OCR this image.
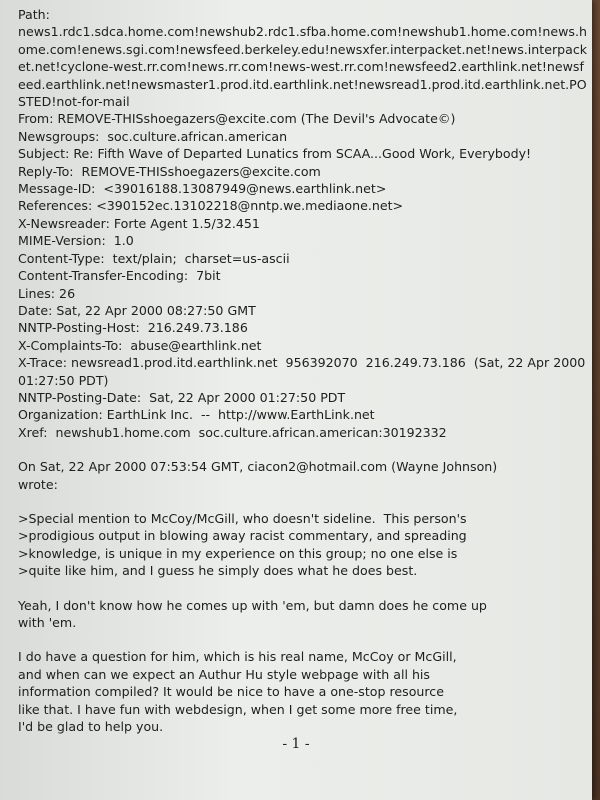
Path:
news1.rdc1.sdca.home.com!newshub2.rdc1.sfba.home.com!newshub1.home.com!news.home.com!enews.sgi.com!newsfeed.berkeley.edu!newsxfer.interpacket.net!news.interpacket.net!cyclone-west.rr.com!news.rr.com!news-west.rr.com!newsfeed2.earthlink.net!newsfeed.earthlink.net!newsmaster1.prod.itd.earthlink.net!newsread1.prod.itd.earthlink.net.POSTED!not-for-mail
From: REMOVE-THISshoegazers@excite.com (The Devil's Advocate©)
Newsgroups:  soc.culture.african.american
Subject: Re: Fifth Wave of Departed Lunatics from SCAA...Good Work, Everybody!
Reply-To:  REMOVE-THISshoegazers@excite.com
Message-ID:  <39016188.13087949@news.earthlink.net>
References: <390152ec.13102218@nntp.we.mediaone.net>
X-Newsreader: Forte Agent 1.5/32.451
MIME-Version:  1.0
Content-Type:  text/plain;  charset=us-ascii
Content-Transfer-Encoding:  7bit
Lines: 26
Date: Sat, 22 Apr 2000 08:27:50 GMT
NNTP-Posting-Host:  216.249.73.186
X-Complaints-To:  abuse@earthlink.net
X-Trace: newsread1.prod.itd.earthlink.net  956392070  216.249.73.186  (Sat, 22 Apr 2000
01:27:50 PDT)
NNTP-Posting-Date:  Sat, 22 Apr 2000 01:27:50 PDT
Organization: EarthLink Inc.  --  http://www.EarthLink.net
Xref:  newshub1.home.com  soc.culture.african.american:30192332
On Sat, 22 Apr 2000 07:53:54 GMT, ciacon2@hotmail.com (Wayne Johnson)
wrote:
>Special mention to McCoy/McGill, who doesn't sideline.  This person's
>prodigious output in blowing away racist commentary, and spreading
>knowledge, is unique in my experience on this group; no one else is
>quite like him, and I guess he simply does what he does best.
Yeah, I don't know how he comes up with 'em, but damn does he come up
with 'em.
I do have a question for him, which is his real name, McCoy or McGill,
and when can we expect an Authur Hu style webpage with all his
information compiled? It would be nice to have a one-stop resource
like that. I have fun with webdesign, when I get some more free time,
I'd be glad to help you.
- 1 -
